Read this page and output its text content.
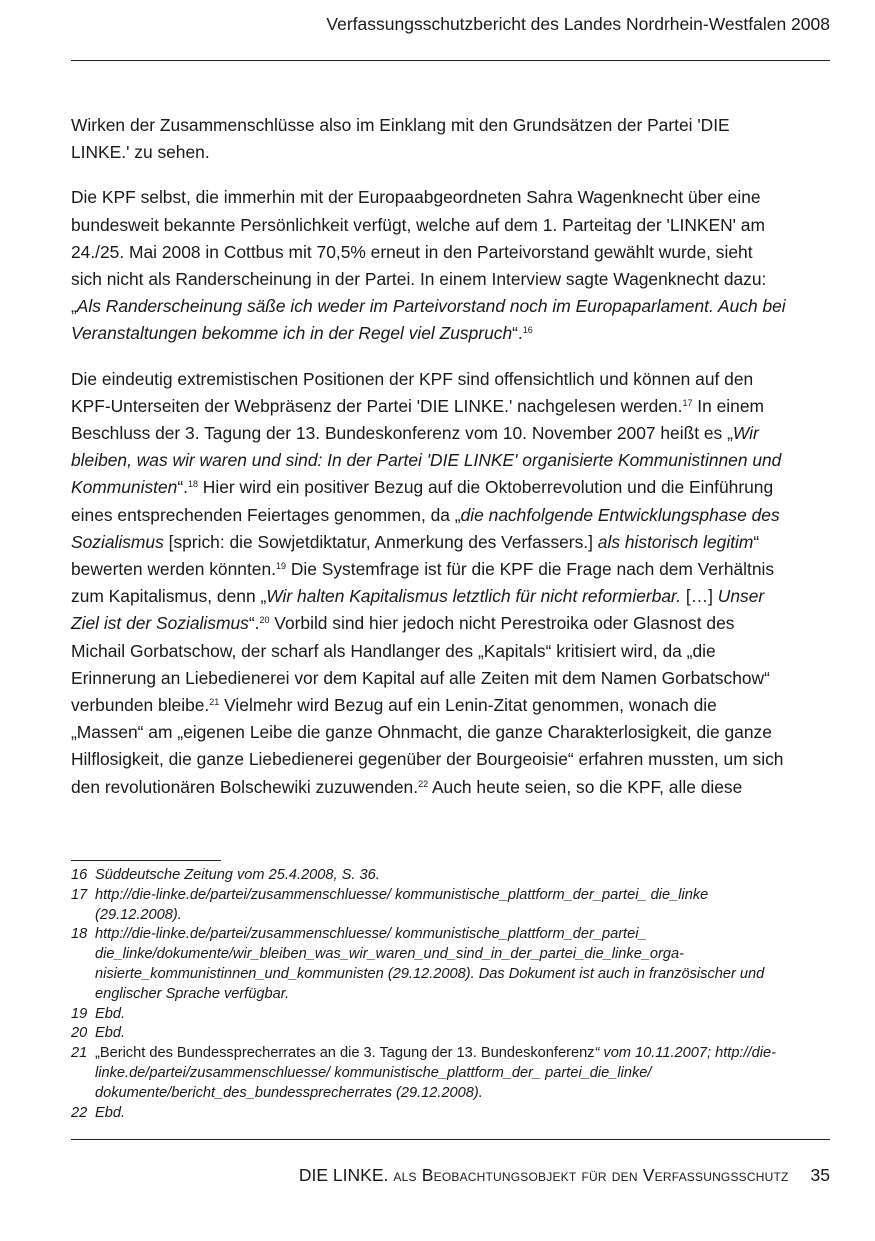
Verfassungsschutzbericht des Landes Nordrhein-Westfalen 2008

Wirken der Zusammenschlüsse also im Einklang mit den Grundsätzen der Partei 'DIE LINKE.' zu sehen.

Die KPF selbst, die immerhin mit der Europaabgeordneten Sahra Wagenknecht über eine bundesweit bekannte Persönlichkeit verfügt, welche auf dem 1. Parteitag der 'LINKEN' am 24./25. Mai 2008 in Cottbus mit 70,5% erneut in den Parteivorstand gewählt wurde, sieht sich nicht als Randerscheinung in der Partei. In einem Interview sagte Wagenknecht dazu: „Als Randerscheinung säße ich weder im Parteivorstand noch im Europaparlament. Auch bei Veranstaltungen bekomme ich in der Regel viel Zuspruch“.$^{16}$

Die eindeutig extremistischen Positionen der KPF sind offensichtlich und können auf den KPF-Unterseiten der Webpräsenz der Partei 'DIE LINKE.' nachgelesen werden.$^{17}$ In einem Beschluss der 3. Tagung der 13. Bundeskonferenz vom 10. November 2007 heißt es „Wir bleiben, was wir waren und sind: In der Partei 'DIE LINKE' organisierte Kommunistinnen und Kommunisten“.$^{18}$ Hier wird ein positiver Bezug auf die Oktoberrevolution und die Einführung eines entsprechenden Feiertages genommen, da „die nachfolgende Entwicklungsphase des Sozialismus [sprich: die Sowjetdiktatur, Anmerkung des Verfassers.] als historisch legitim“ bewerten werden könnten.$^{19}$ Die Systemfrage ist für die KPF die Frage nach dem Verhältnis zum Kapitalismus, denn „Wir halten Kapitalismus letztlich für nicht reformierbar. […] Unser Ziel ist der Sozialismus“.$^{20}$ Vorbild sind hier jedoch nicht Perestroika oder Glasnost des Michail Gorbatschow, der scharf als Handlanger des „Kapitals“ kritisiert wird, da „die Erinnerung an Liebedienerei vor dem Kapital auf alle Zeiten mit dem Namen Gorbatschow“ verbunden bleibe.$^{21}$ Vielmehr wird Bezug auf ein Lenin-Zitat genommen, wonach die „Massen“ am „eigenen Leibe die ganze Ohnmacht, die ganze Charakterlosigkeit, die ganze Hilflosigkeit, die ganze Liebedienerei gegenüber der Bourgeoisie“ erfahren mussten, um sich den revolutionären Bolschewiki zuzuwenden.$^{22}$ Auch heute seien, so die KPF, alle diese

16 Süddeutsche Zeitung vom 25.4.2008, S. 36.
17 http://die-linke.de/partei/zusammenschluesse/ kommunistische_plattform_der_partei_ die_linke (29.12.2008).
18 http://die-linke.de/partei/zusammenschluesse/ kommunistische_plattform_der_partei_ die_linke/dokumente/wir_bleiben_was_wir_waren_und_sind_in_der_partei_die_linke_organisierte_kommunistinnen_und_kommunisten (29.12.2008). Das Dokument ist auch in französischer und englischer Sprache verfügbar.
19 Ebd.
20 Ebd.
21 „Bericht des Bundessprecherrates an die 3. Tagung der 13. Bundeskonferenz“ vom 10.11.2007; http://die-linke.de/partei/zusammenschluesse/ kommunistische_plattform_der_ partei_die_linke/ dokumente/bericht_des_bundessprecherrates (29.12.2008).
22 Ebd.
DIE LINKE. als Beobachtungsobjekt für den Verfassungsschutz 35
